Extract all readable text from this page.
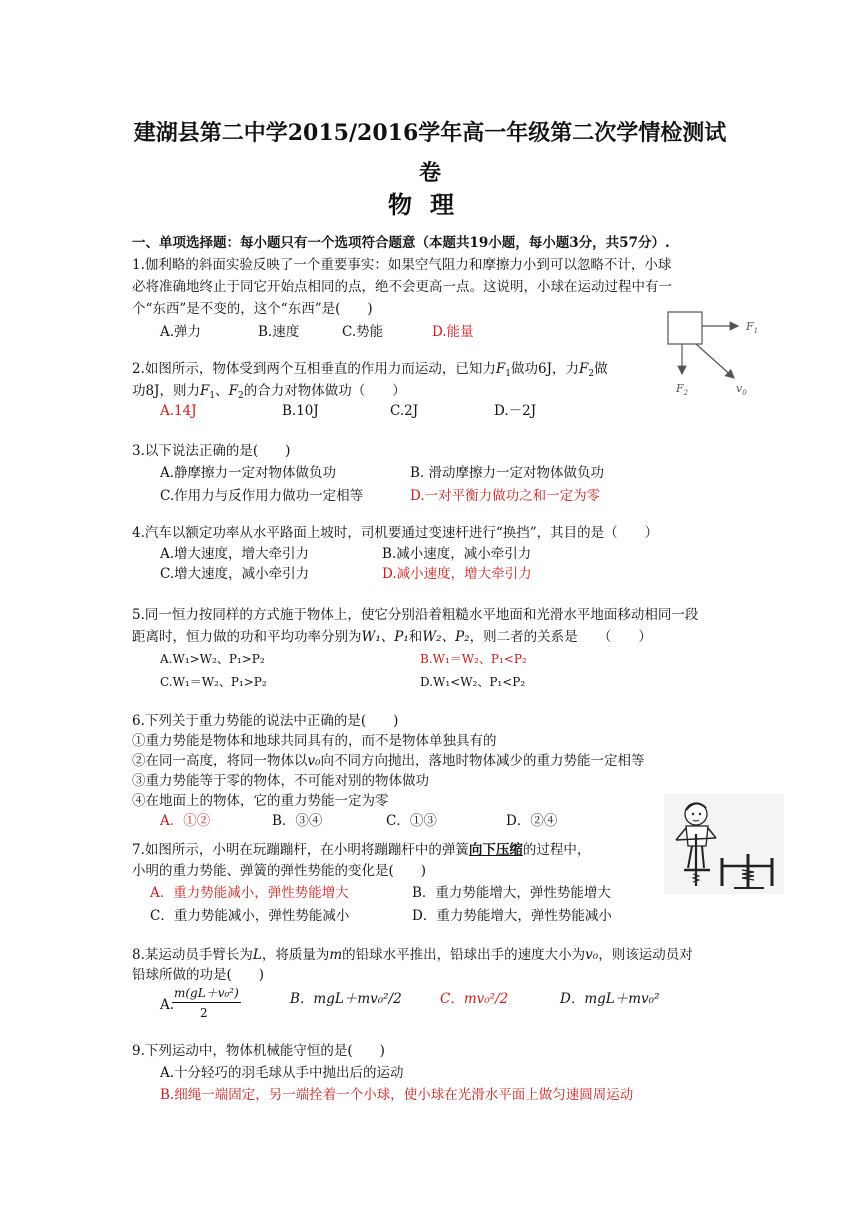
建湖县第二中学2015/2016学年高一年级第二次学情检测试
卷
物理
一、单项选择题：每小题只有一个选项符合题意（本题共19小题，每小题3分，共57分）.
1.伽利略的斜面实验反映了一个重要事实：如果空气阻力和摩擦力小到可以忽略不计，小球
必将准确地终止于同它开始点相同的点，绝不会更高一点。这说明，小球在运动过程中有一
个“东西”是不变的，这个“东西”是(　　)
A.弹力	B.速度	C.势能	D.能量	$F_1$
$F_2$	$v_0$
2.如图所示，物体受到两个互相垂直的作用力而运动，已知力$F_1$做功6J，力$F_2$做
功8J，则力$F_1$、$F_2$的合力对物体做功（　　）
A.14J	B.10J	C.2J	D.－2J
3.以下说法正确的是(　　)
A.静摩擦力一定对物体做负功	B. 滑动摩擦力一定对物体做负功
C.作用力与反作用力做功一定相等	D.一对平衡力做功之和一定为零
4.汽车以额定功率从水平路面上坡时，司机要通过变速杆进行“换挡”，其目的是（　　）
A.增大速度，增大牵引力	B.减小速度，减小牵引力
C.增大速度，减小牵引力	D.减小速度，增大牵引力
5.同一恒力按同样的方式施于物体上，使它分别沿着粗糙水平地面和光滑水平地面移动相同一段
距离时，恒力做的功和平均功率分别为W₁、P₁和W₂、P₂，则二者的关系是　　（　　）
A.W₁>W₂、P₁>P₂	B.W₁＝W₂、P₁<P₂
C.W₁＝W₂、P₁>P₂	D.W₁<W₂、P₁<P₂
6.下列关于重力势能的说法中正确的是(　　)
①重力势能是物体和地球共同具有的，而不是物体单独具有的
②在同一高度，将同一物体以v₀向不同方向抛出，落地时物体减少的重力势能一定相等
③重力势能等于零的物体，不可能对别的物体做功
④在地面上的物体，它的重力势能一定为零
A．①②	B．③④	C．①③	D．②④
7.如图所示，小明在玩蹦蹦杆，在小明将蹦蹦杆中的弹簧向下压缩的过程中，
小明的重力势能、弹簧的弹性势能的变化是(　　)
A．重力势能减小，弹性势能增大	B．重力势能增大，弹性势能增大
C．重力势能减小，弹性势能减小	D．重力势能增大，弹性势能减小
8.某运动员手臂长为L，将质量为m的铅球水平推出，铅球出手的速度大小为v₀，则该运动员对
铅球所做的功是(　　)
A.
m(gL＋v₀²)
2
B．mgL＋mv₀²/2	C．mv₀²/2	D．mgL＋mv₀²
9.下列运动中，物体机械能守恒的是(　　)
A.十分轻巧的羽毛球从手中抛出后的运动
B.细绳一端固定，另一端拴着一个小球，使小球在光滑水平面上做匀速圆周运动
